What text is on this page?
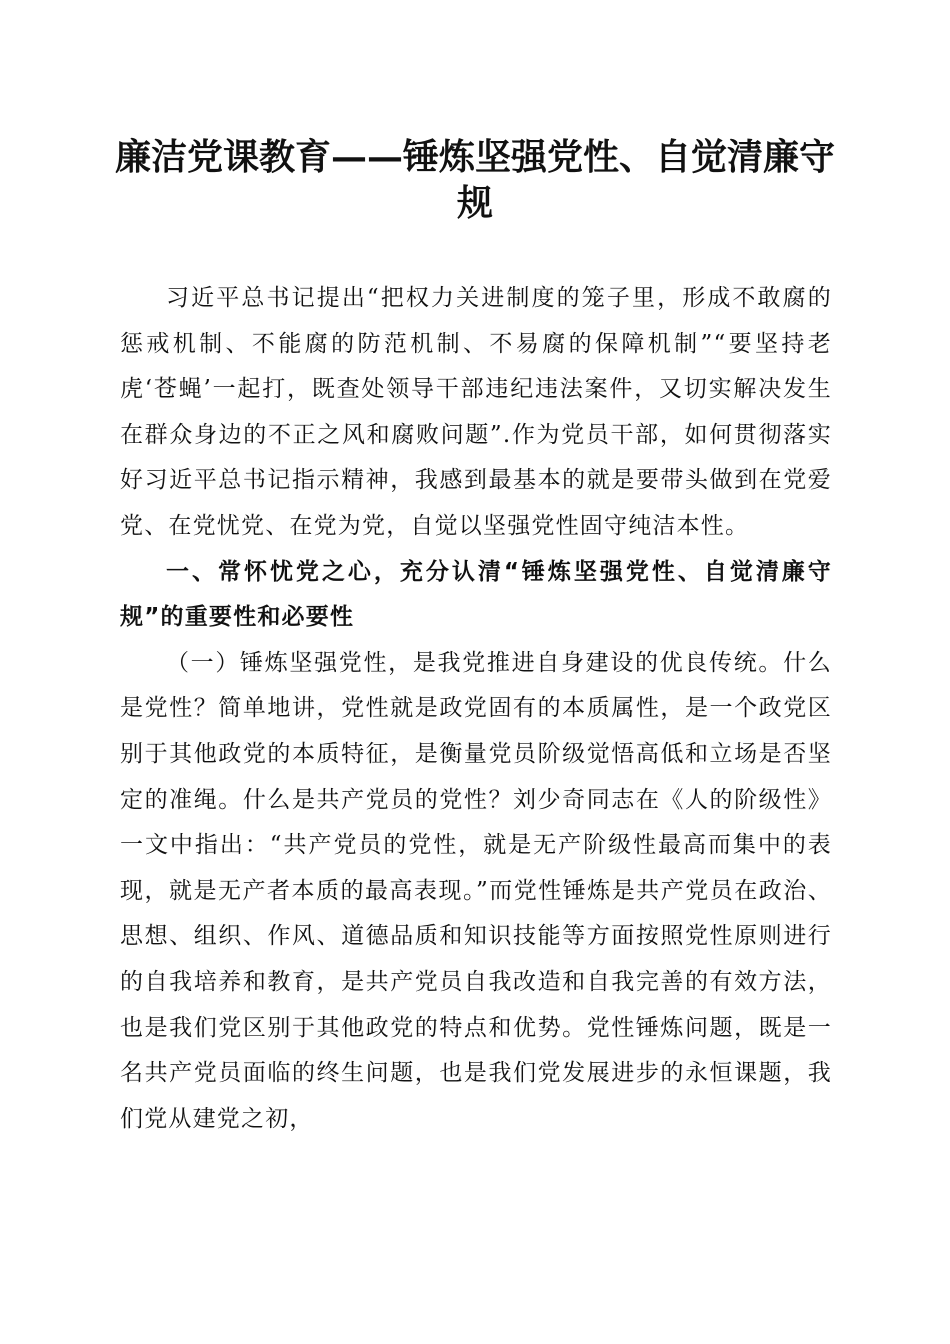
廉洁党课教育——锤炼坚强党性、自觉清廉守规

习近平总书记提出“把权力关进制度的笼子里，形成不敢腐的惩戒机制、不能腐的防范机制、不易腐的保障机制”“要坚持老虎‘苍蝇’一起打，既查处领导干部违纪违法案件，又切实解决发生在群众身边的不正之风和腐败问题”.作为党员干部，如何贯彻落实好习近平总书记指示精神，我感到最基本的就是要带头做到在党爱党、在党忧党、在党为党，自觉以坚强党性固守纯洁本性。

一、常怀忧党之心，充分认清“锤炼坚强党性、自觉清廉守规”的重要性和必要性

（一）锤炼坚强党性，是我党推进自身建设的优良传统。什么是党性？简单地讲，党性就是政党固有的本质属性，是一个政党区别于其他政党的本质特征，是衡量党员阶级觉悟高低和立场是否坚定的准绳。什么是共产党员的党性？刘少奇同志在《人的阶级性》一文中指出：“共产党员的党性，就是无产阶级性最高而集中的表现，就是无产者本质的最高表现。”而党性锤炼是共产党员在政治、思想、组织、作风、道德品质和知识技能等方面按照党性原则进行的自我培养和教育，是共产党员自我改造和自我完善的有效方法，也是我们党区别于其他政党的特点和优势。党性锤炼问题，既是一名共产党员面临的终生问题，也是我们党发展进步的永恒课题，我们党从建党之初，
